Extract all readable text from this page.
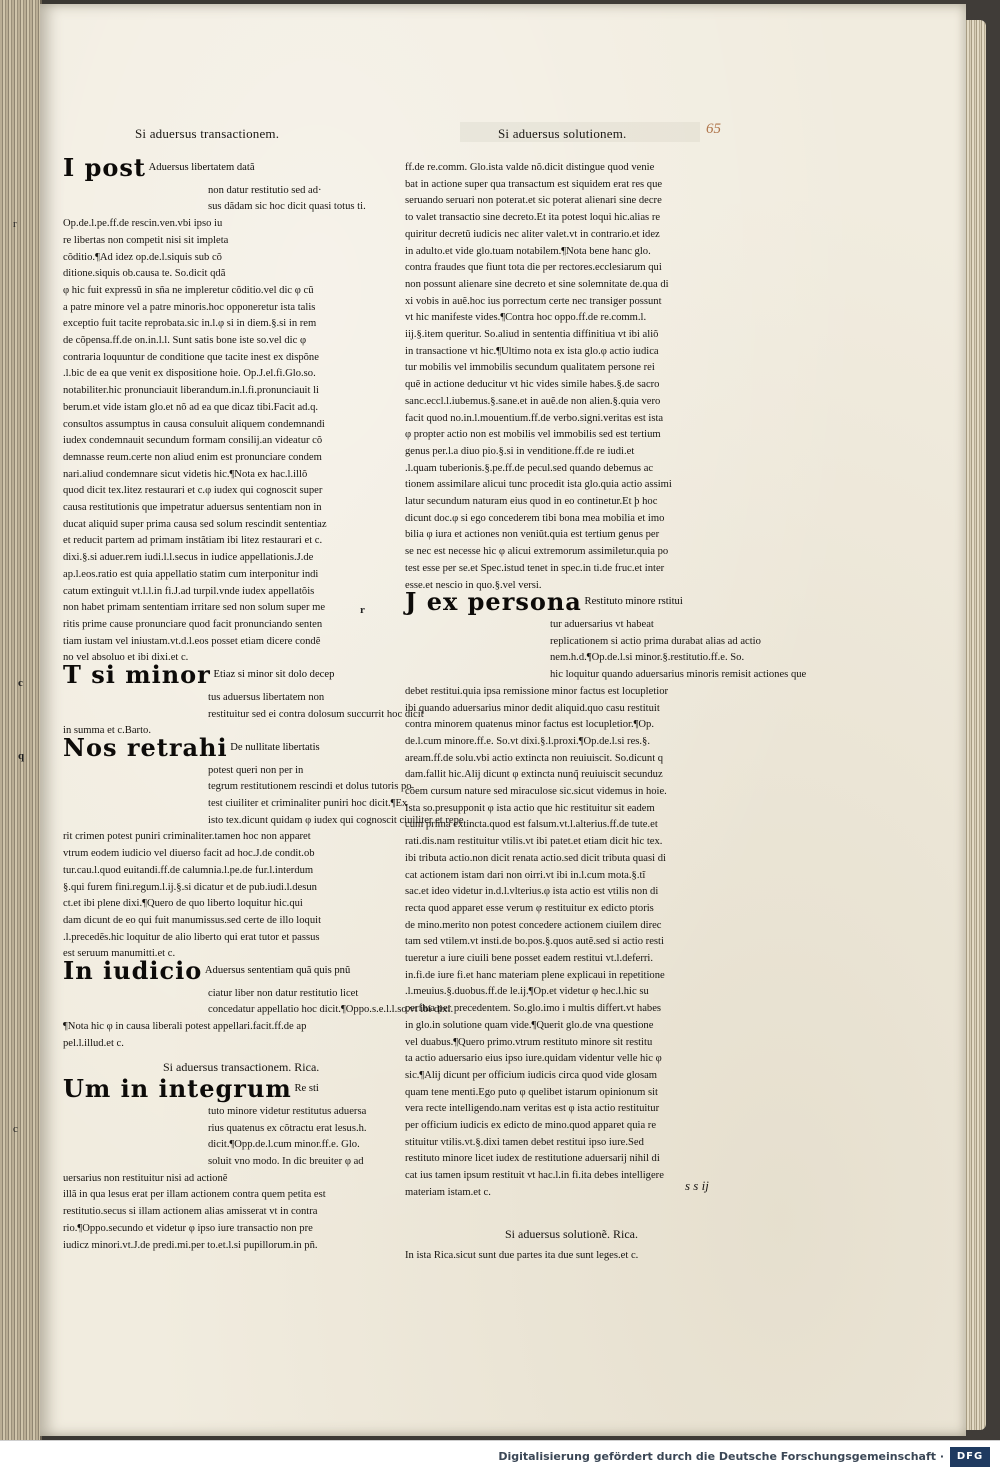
Si aduersus transactionem.	Si aduersus solutionem.	65

I post Aduersus libertatem datã

non datur restitutio sed ad·

sus dãdam sic hoc dicit quasi totus ti.

Op.de.l.pe.ff.de rescin.ven.vbi ipso iu
r

re libertas non competit nisi sit impleta

cõditio.¶Ad idez op.de.l.siquis sub cõ

ditione.siquis ob.causa te. So.dicit qdã

φ hic fuit expressũ in sña ne impleretur cõditio.vel dic φ cũ

a patre minore vel a patre minoris.hoc opponeretur ista talis

exceptio fuit tacite reprobata.sic in.l.φ si in diem.§.si in rem

de cõpensa.ff.de on.in.l.l. Sunt satis bone iste so.vel dic φ

contraria loquuntur de conditione que tacite inest ex dispõne

.l.bic de ea que venit ex dispositione hoie. Op.J.el.fi.Glo.so.

notabiliter.hic pronunciauit liberandum.in.l.fi.pronunciauit li

berum.et vide istam glo.et nõ ad ea que dicaz tibi.Facit ad.q.

consultos assumptus in causa consuluit aliquem condemnandi

iudex condemnauit secundum formam consilij.an videatur cõ

demnasse reum.certe non aliud enim est pronunciare condem

nari.aliud condemnare sicut videtis hic.¶Nota ex hac.l.illõ

quod dicit tex.litez restaurari et c.φ iudex qui cognoscit super

causa restitutionis que impetratur aduersus sententiam non in

ducat aliquid super prima causa sed solum rescindit sententiaz

et reducit partem ad primam instãtiam ibi litez restaurari et c.

dixi.§.si aduer.rem iudi.l.l.secus in iudice appellationis.J.de

ap.l.eos.ratio est quia appellatio statim cum interponitur indi

catum extinguit vt.l.l.in fi.J.ad turpil.vnde iudex appellatõis

non habet primam sententiam irritare sed non solum super me

ritis prime cause pronunciare quod facit pronunciando senten

tiam iustam vel iniustam.vt.d.l.eos posset etiam dicere condẽ

no vel absoluo et ibi dixi.et c.

T si minor Etiaz si minor sit dolo decep
c

tus aduersus libertatem non

restituitur sed ei contra dolosum succurrit hoc dicit

in summa et c.Barto.

Nos retrahi De nullitate libertatis
q

potest queri non per in

tegrum restitutionem rescindi et dolus tutoris po

test ciuiliter et criminaliter puniri hoc dicit.¶Ex

isto tex.dicunt quidam φ iudex qui cognoscit ciuiliter et repe

rit crimen potest puniri criminaliter.tamen hoc non apparet

vtrum eodem iudicio vel diuerso facit ad hoc.J.de condit.ob

tur.cau.l.quod euitandi.ff.de calumnia.l.pe.de fur.l.interdum

§.qui furem fini.regum.l.ij.§.si dicatur et de pub.iudi.l.desun

ct.et ibi plene dixi.¶Quero de quo liberto loquitur hic.qui

dam dicunt de eo qui fuit manumissus.sed certe de illo loquit

.l.precedẽs.hic loquitur de alio liberto qui erat tutor et passus

est seruum manumitti.et c.

In iudicio Aduersus sententiam quã quis pnũ

ciatur liber non datur restitutio licet

concedatur appellatio hoc dicit.¶Oppo.s.e.l.l.so.vt ibi dixi.

¶Nota hic φ in causa liberali potest appellari.facit.ff.de ap

pel.l.illud.et c.

Si aduersus transactionem. Rica.

Um in integrum Re sti

tuto minore videtur restitutus aduersa

rius quatenus ex cõtractu erat lesus.h.
c

dicit.¶Opp.de.l.cum minor.ff.e. Glo.

soluit vno modo. In dic breuiter φ ad

uersarius non restituitur nisi ad actionẽ

illã in qua lesus erat per illam actionem contra quem petita est

restitutio.secus si illam actionem alias amisserat vt in contra

rio.¶Oppo.secundo et videtur φ ipso iure transactio non pre

iudicz minori.vt.J.de predi.mi.per to.et.l.si pupillorum.in pñ.

ff.de re.comm. Glo.ista valde nõ.dicit distingue quod venie

bat in actione super qua transactum est siquidem erat res que

seruando seruari non poterat.et sic poterat alienari sine decre

to valet transactio sine decreto.Et ita potest loqui hic.alias re

quiritur decretũ iudicis nec aliter valet.vt in contrario.et idez

in adulto.et vide glo.tuam notabilem.¶Nota bene hanc glo.

contra fraudes que fiunt tota die per rectores.ecclesiarum qui

non possunt alienare sine decreto et sine solemnitate de.qua di

xi vobis in auẽ.hoc ius porrectum certe nec transiger possunt

vt hic manifeste vides.¶Contra hoc oppo.ff.de re.comm.l.

iij.§.item queritur. So.aliud in sententia diffinitiua vt ibi aliõ

in transactione vt hic.¶Ultimo nota ex ista glo.φ actio iudica

tur mobilis vel immobilis secundum qualitatem persone rei

quẽ in actione deducitur vt hic vides simile habes.§.de sacro

sanc.eccl.l.iubemus.§.sane.et in auẽ.de non alien.§.quia vero

facit quod no.in.l.mouentium.ff.de verbo.signi.veritas est ista

φ propter actio non est mobilis vel immobilis sed est tertium

genus per.l.a diuo pio.§.si in venditione.ff.de re iudi.et

.l.quam tuberionis.§.pe.ff.de pecul.sed quando debemus ac

tionem assimilare alicui tunc procedit ista glo.quia actio assimi

latur secundum naturam eius quod in eo continetur.Et þ hoc

dicunt doc.φ si ego concederem tibi bona mea mobilia et imo

bilia φ iura et actiones non veniũt.quia est tertium genus per

se nec est necesse hic φ alicui extremorum assimiletur.quia po

test esse per se.et Spec.istud tenet in spec.in ti.de fruc.et inter

esse.et nescio in quo.§.vel versi.

J ex persona Restituto minore rstitui
r

tur aduersarius vt habeat

replicationem si actio prima durabat alias ad actio

nem.h.d.¶Op.de.l.si minor.§.restitutio.ff.e. So.

hic loquitur quando aduersarius minoris remisit actiones que

debet restitui.quia ipsa remissione minor factus est locupletior

ibi quando aduersarius minor dedit aliquid.quo casu restituit

contra minorem quatenus minor factus est locupletior.¶Op.

de.l.cum minore.ff.e. So.vt dixi.§.l.proxi.¶Op.de.l.si res.§.

aream.ff.de solu.vbi actio extincta non reuiuiscit. So.dicunt q

dam.fallit hic.Alij dicunt φ extincta nunq̃ reuiuiscit secunduz

cõem cursum nature sed miraculose sic.sicut videmus in hoie.

Ista so.presupponit φ ista actio que hic restituitur sit eadem

cum prima extincta.quod est falsum.vt.l.alterius.ff.de tute.et

rati.dis.nam restituitur vtilis.vt ibi patet.et etiam dicit hic tex.

ibi tributa actio.non dicit renata actio.sed dicit tributa quasi di

cat actionem istam dari non oirri.vt ibi in.l.cum mota.§.tĩ

sac.et ideo videtur in.d.l.vlterius.φ ista actio est vtilis non di

recta quod apparet esse verum φ restituitur ex edicto ptoris

de mino.merito non potest concedere actionem ciuilem direc

tam sed vtilem.vt insti.de bo.pos.§.quos autẽ.sed si actio resti

tueretur a iure ciuili bene posset eadem restitui vt.l.deferri.

in.fi.de iure fi.et hanc materiam plene explicaui in repetitione

.l.meuius.§.duobus.ff.de le.ij.¶Op.et videtur φ hec.l.hic su

perflua per precedentem. So.glo.imo i multis differt.vt habes

in glo.in solutione quam vide.¶Querit glo.de vna questione

vel duabus.¶Quero primo.vtrum restituto minore sit restitu

ta actio aduersario eius ipso iure.quidam videntur velle hic φ

sic.¶Alij dicunt per officium iudicis circa quod vide glosam

quam tene menti.Ego puto φ quelibet istarum opinionum sit

vera recte intelligendo.nam veritas est φ ista actio restituitur

per officium iudicis ex edicto de mino.quod apparet quia re

stituitur vtilis.vt.§.dixi tamen debet restitui ipso iure.Sed

restituto minore licet iudex de restitutione aduersarij nihil di

cat ius tamen ipsum restituit vt hac.l.in fi.ita debes intelligere

materiam istam.et c.

Si aduersus solutionẽ. Rica.

In ista Rica.sicut sunt due partes ita due sunt leges.et c.

s s ij
Digitalisierung gefördert durch die Deutsche Forschungsgemeinschaft ·	DFG
